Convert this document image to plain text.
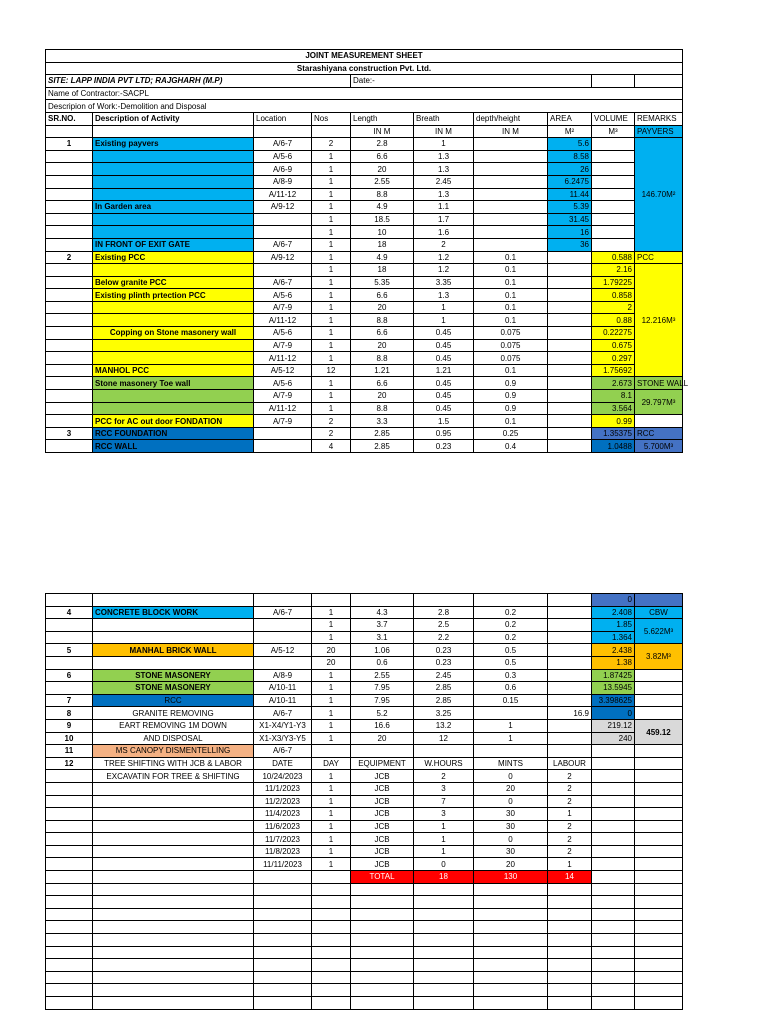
JOINT MEASUREMENT SHEET									
Starashiyana construction Pvt. Ltd.									
SITE: LAPP INDIA PVT LTD; RAJGHARH (M.P)				Date:-					
Name of Contractor:-SACPL									
Descripion of Work:-Demolition and Disposal									
SR.NO.	Description of Activity	Location	Nos	Length	Breath	depth/height	AREA	VOLUME	REMARKS
				IN M	IN M	IN M	M²	M³	PAYVERS
1	Existing payvers	A/6-7	2	2.8	1		5.6		146.70M²
		A/5-6	1	6.6	1.3		8.58		
		A/6-9	1	20	1.3		26		
		A/8-9	1	2.55	2.45		6.2475		
		A/11-12	1	8.8	1.3		11.44		
	In Garden area	A/9-12	1	4.9	1.1		5.39		
			1	18.5	1.7		31.45		
			1	10	1.6		16		
	IN FRONT OF EXIT GATE	A/6-7	1	18	2		36		
2	Existing PCC	A/9-12	1	4.9	1.2	0.1		0.588	PCC
			1	18	1.2	0.1		2.16	12.216M³
	Below granite PCC	A/6-7	1	5.35	3.35	0.1		1.79225	
	Existing plinth prtection PCC	A/5-6	1	6.6	1.3	0.1		0.858	
		A/7-9	1	20	1	0.1		2	
		A/11-12	1	8.8	1	0.1		0.88	
	Copping on Stone masonery wall	A/5-6	1	6.6	0.45	0.075		0.22275	
		A/7-9	1	20	0.45	0.075		0.675	
		A/11-12	1	8.8	0.45	0.075		0.297	
	MANHOL PCC	A/5-12	12	1.21	1.21	0.1		1.75692	
	Stone masonery Toe wall	A/5-6	1	6.6	0.45	0.9		2.673	STONE WALL
		A/7-9	1	20	0.45	0.9		8.1	29.797M³
		A/11-12	1	8.8	0.45	0.9		3.564	
	PCC for AC out door FONDATION	A/7-9	2	3.3	1.5	0.1		0.99	
3	RCC FOUNDATION		2	2.85	0.95	0.25		1.35375	RCC
	RCC WALL		4	2.85	0.23	0.4		1.0488	5.700M³
								0	
4	CONCRETE BLOCK WORK	A/6-7	1	4.3	2.8	0.2		2.408	CBW
			1	3.7	2.5	0.2		1.85	5.622M³
			1	3.1	2.2	0.2		1.364	
5	MANHAL BRICK WALL	A/5-12	20	1.06	0.23	0.5		2.438	3.82M³
			20	0.6	0.23	0.5		1.38	
6	STONE MASONERY	A/8-9	1	2.55	2.45	0.3		1.87425	
	STONE MASONERY	A/10-11	1	7.95	2.85	0.6		13.5945	
7	RCC	A/10-11	1	7.95	2.85	0.15		3.398625	
8	GRANITE REMOVING	A/6-7	1	5.2	3.25		16.9	0	
9	EART REMOVING 1M DOWN	X1-X4/Y1-Y3	1	16.6	13.2	1		219.12	459.12
10	AND DISPOSAL	X1-X3/Y3-Y5	1	20	12	1		240	
11	MS CANOPY DISMENTELLING	A/6-7							
12	TREE SHIFTING WITH JCB & LABOR	DATE	DAY	EQUIPMENT	W.HOURS	MINTS	LABOUR		
	EXCAVATIN FOR TREE & SHIFTING	10/24/2023	1	JCB	2	0	2		
		11/1/2023	1	JCB	3	20	2		
		11/2/2023	1	JCB	7	0	2		
		11/4/2023	1	JCB	3	30	1		
		11/6/2023	1	JCB	1	30	2		
		11/7/2023	1	JCB	1	0	2		
		11/8/2023	1	JCB	1	30	2		
		11/11/2023	1	JCB	0	20	1		
				TOTAL	18	130	14		
